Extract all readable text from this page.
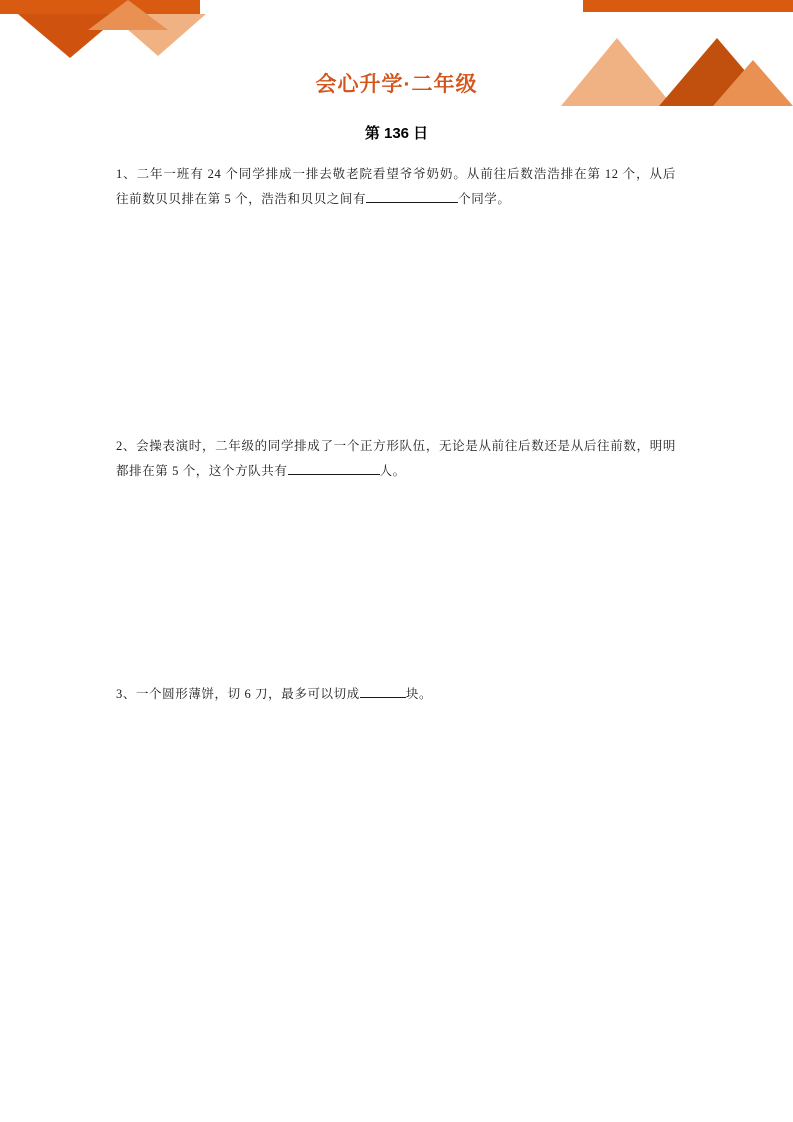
会心升学·二年级
第 136 日
1、二年一班有 24 个同学排成一排去敬老院看望爷爷奶奶。从前往后数浩浩排在第 12 个，从后往前数贝贝排在第 5 个，浩浩和贝贝之间有	个同学。
2、会操表演时，二年级的同学排成了一个正方形队伍，无论是从前往后数还是从后往前数，明明都排在第 5 个，这个方队共有	人。
3、一个圆形薄饼，切 6 刀，最多可以切成	块。
